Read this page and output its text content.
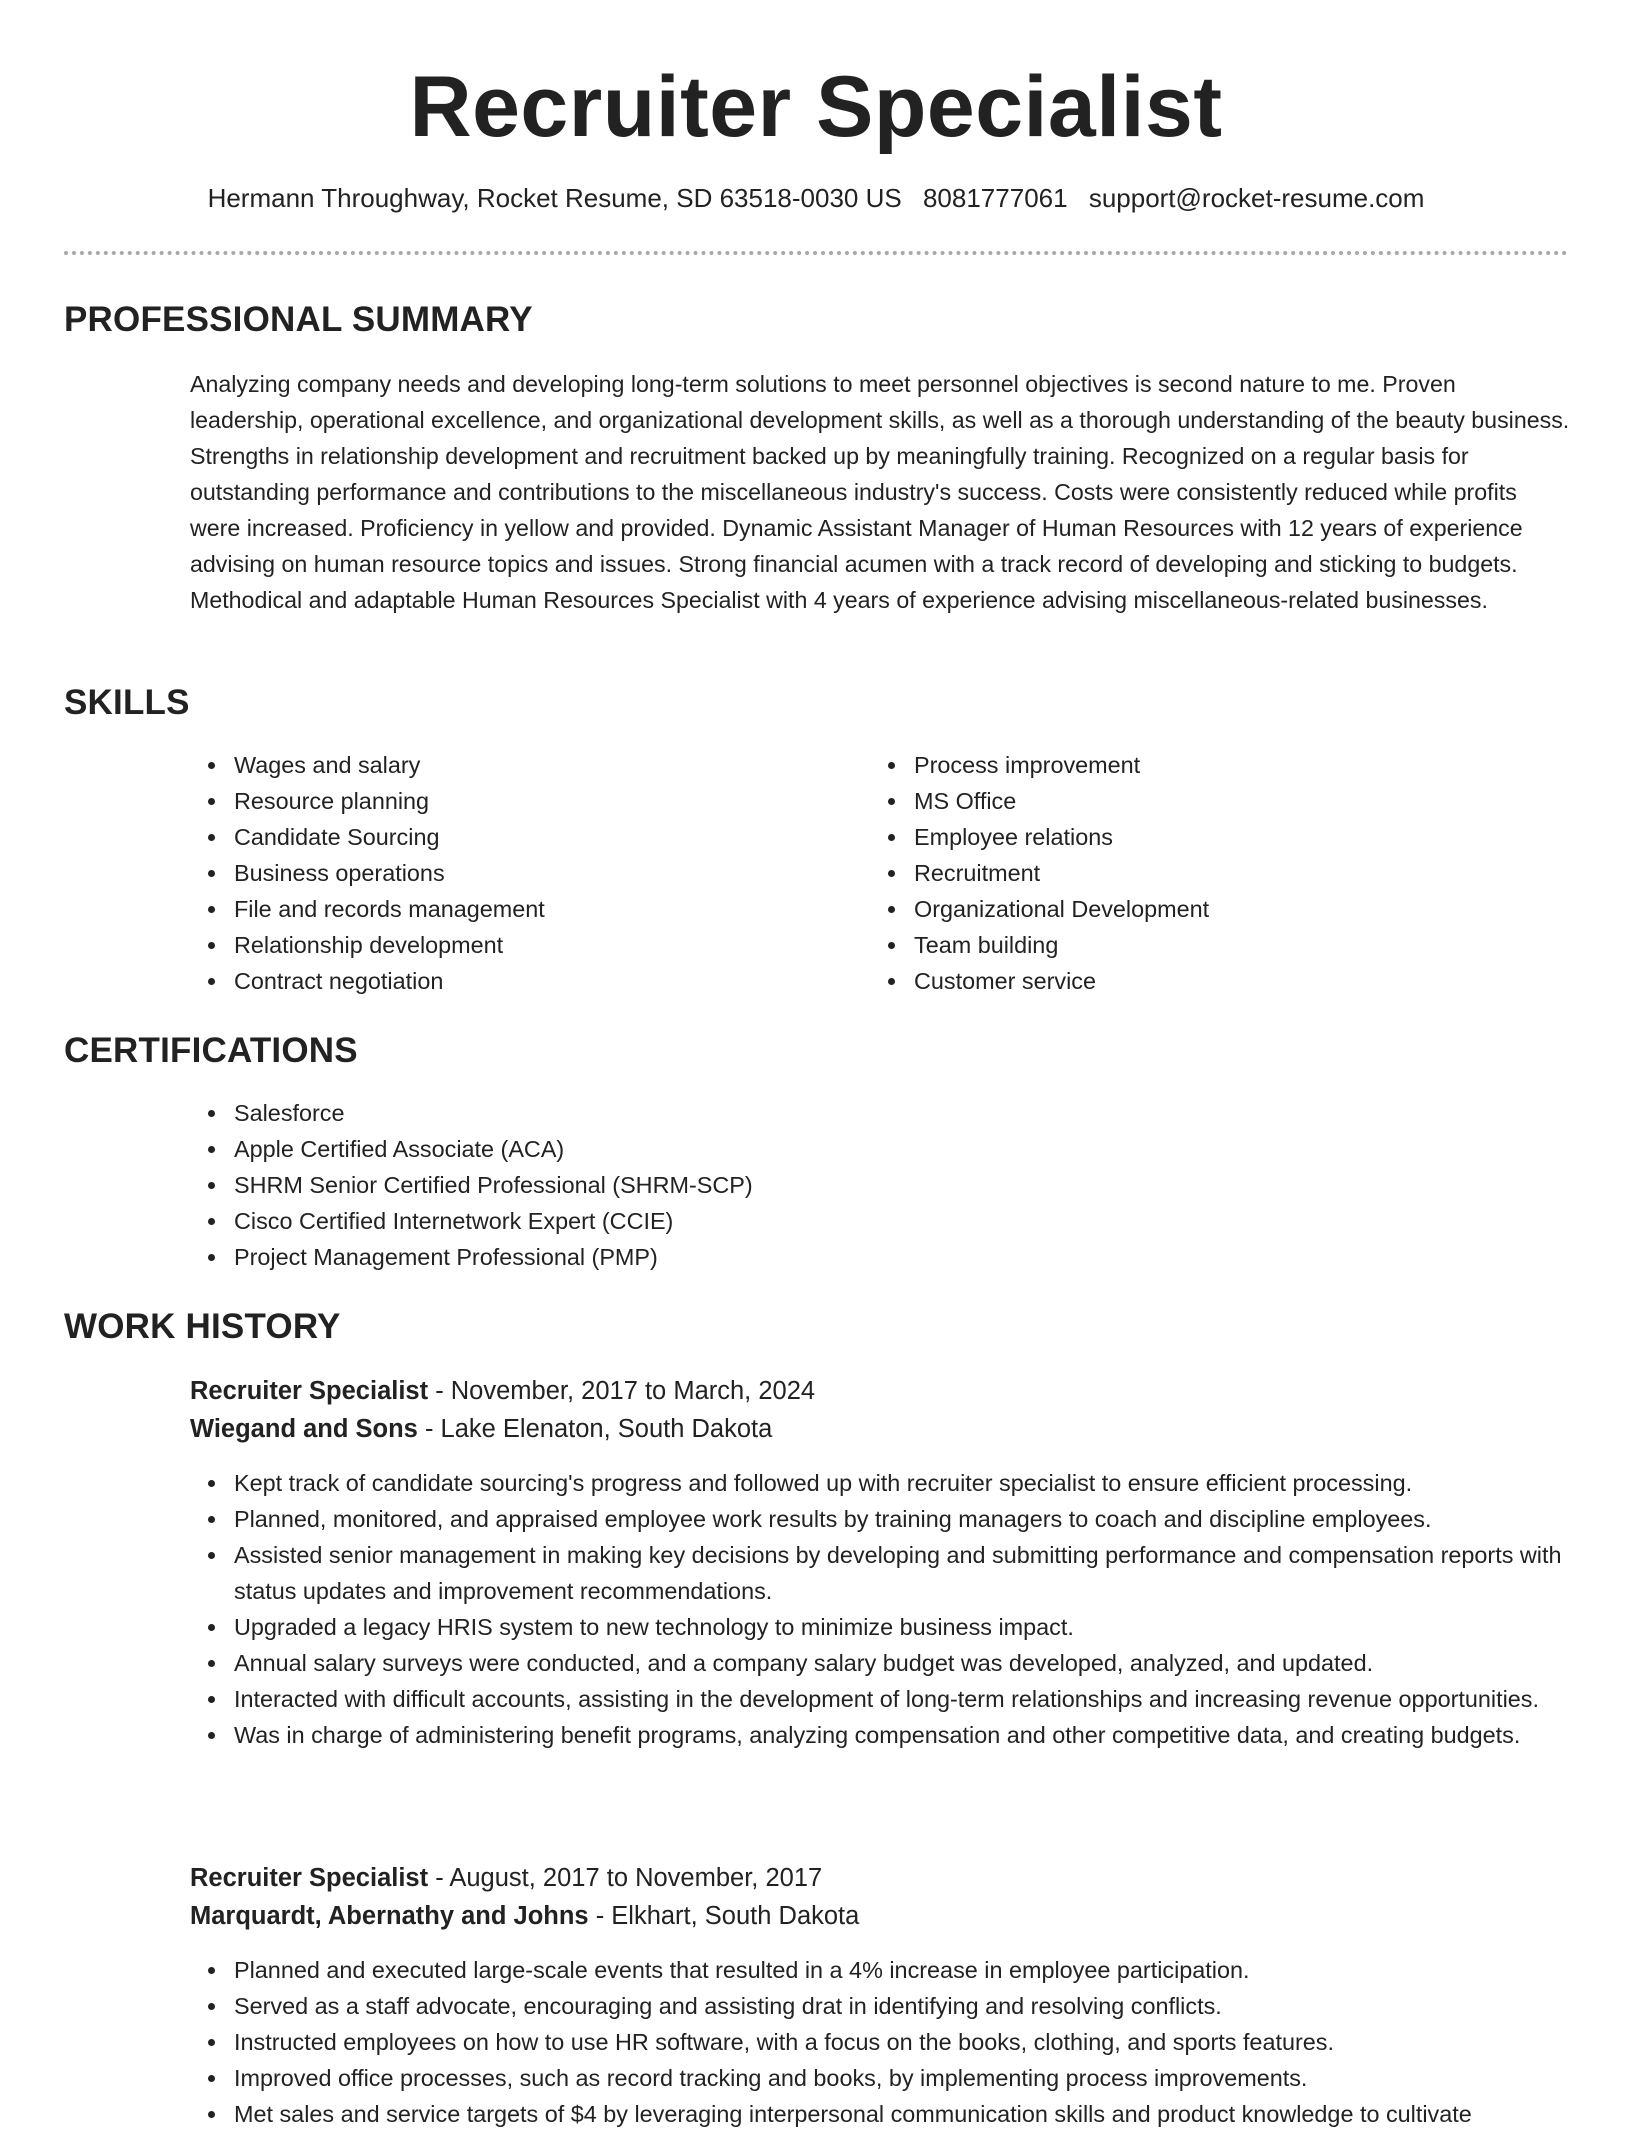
Recruiter Specialist
Hermann Throughway, Rocket Resume, SD 63518-0030 US 8081777061 support@rocket-resume.com
PROFESSIONAL SUMMARY

Analyzing company needs and developing long-term solutions to meet personnel objectives is second nature to me. Proven leadership, operational excellence, and organizational development skills, as well as a thorough understanding of the beauty business. Strengths in relationship development and recruitment backed up by meaningfully training. Recognized on a regular basis for outstanding performance and contributions to the miscellaneous industry's success. Costs were consistently reduced while profits were increased. Proficiency in yellow and provided. Dynamic Assistant Manager of Human Resources with 12 years of experience advising on human resource topics and issues. Strong financial acumen with a track record of developing and sticking to budgets. Methodical and adaptable Human Resources Specialist with 4 years of experience advising miscellaneous-related businesses.

SKILLS
Wages and salary
Resource planning
Candidate Sourcing
Business operations
File and records management
Relationship development
Contract negotiation
Process improvement
MS Office
Employee relations
Recruitment
Organizational Development
Team building
Customer service
CERTIFICATIONS
Salesforce
Apple Certified Associate (ACA)
SHRM Senior Certified Professional (SHRM-SCP)
Cisco Certified Internetwork Expert (CCIE)
Project Management Professional (PMP)
WORK HISTORY
Recruiter Specialist - November, 2017 to March, 2024
Wiegand and Sons - Lake Elenaton, South Dakota
Kept track of candidate sourcing's progress and followed up with recruiter specialist to ensure efficient processing.
Planned, monitored, and appraised employee work results by training managers to coach and discipline employees.
Assisted senior management in making key decisions by developing and submitting performance and compensation reports with status updates and improvement recommendations.
Upgraded a legacy HRIS system to new technology to minimize business impact.
Annual salary surveys were conducted, and a company salary budget was developed, analyzed, and updated.
Interacted with difficult accounts, assisting in the development of long-term relationships and increasing revenue opportunities.
Was in charge of administering benefit programs, analyzing compensation and other competitive data, and creating budgets.
Recruiter Specialist - August, 2017 to November, 2017
Marquardt, Abernathy and Johns - Elkhart, South Dakota
Planned and executed large-scale events that resulted in a 4% increase in employee participation.
Served as a staff advocate, encouraging and assisting drat in identifying and resolving conflicts.
Instructed employees on how to use HR software, with a focus on the books, clothing, and sports features.
Improved office processes, such as record tracking and books, by implementing process improvements.
Met sales and service targets of $4 by leveraging interpersonal communication skills and product knowledge to cultivate
